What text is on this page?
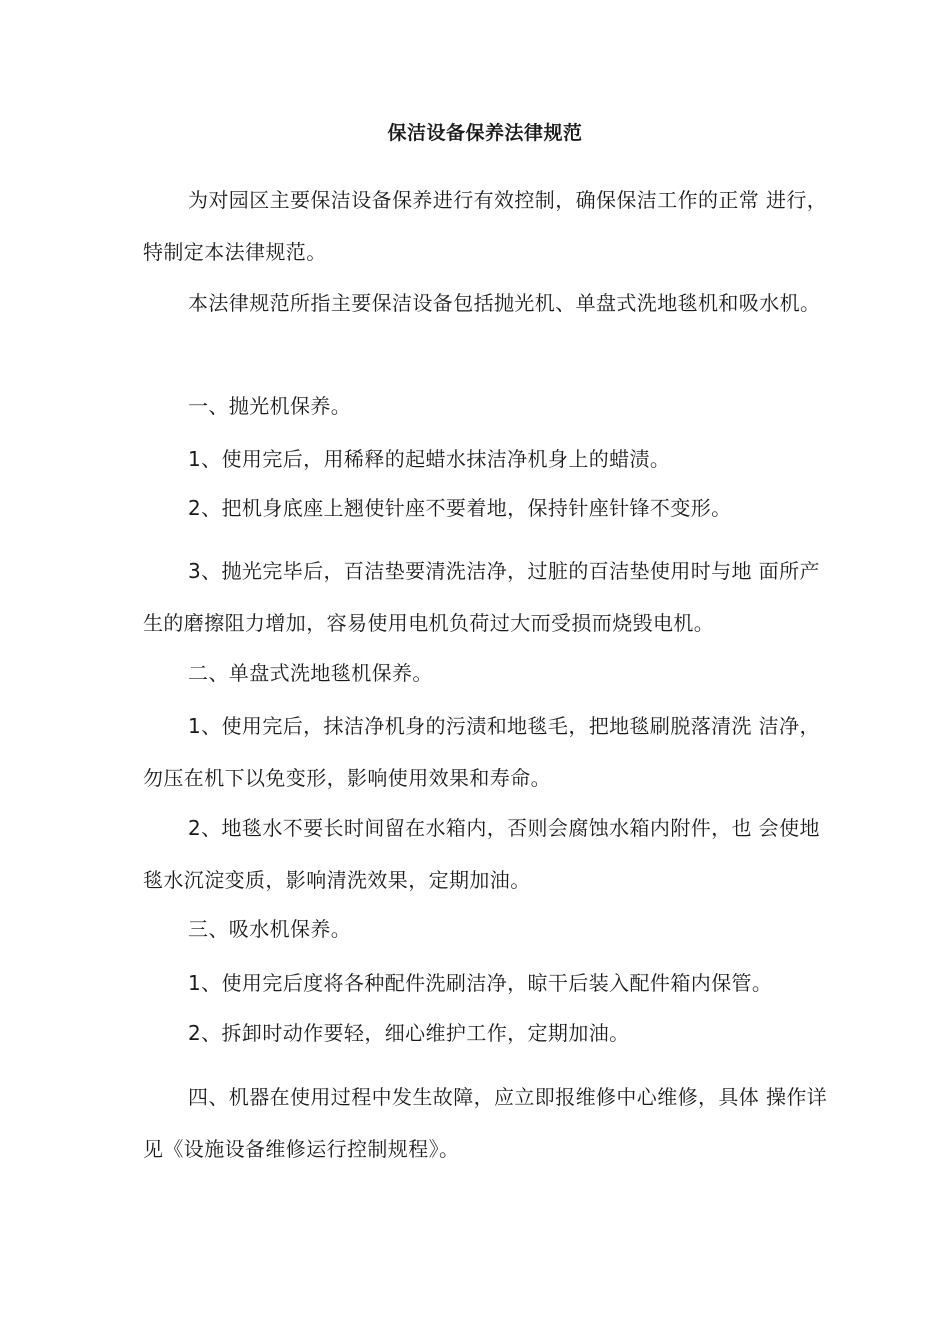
保洁设备保养法律规范

为对园区主要保洁设备保养进行有效控制，确保保洁工作的正常 进行，特制定本法律规范。

本法律规范所指主要保洁设备包括抛光机、单盘式洗地毯机和吸水机。

一、抛光机保养。

1、使用完后，用稀释的起蜡水抹洁净机身上的蜡渍。

2、把机身底座上翘使针座不要着地，保持针座针锋不变形。

3、抛光完毕后，百洁垫要清洗洁净，过脏的百洁垫使用时与地 面所产生的磨擦阻力增加，容易使用电机负荷过大而受损而烧毁电机。

二、单盘式洗地毯机保养。

1、使用完后，抹洁净机身的污渍和地毯毛，把地毯刷脱落清洗 洁净，勿压在机下以免变形，影响使用效果和寿命。

2、地毯水不要长时间留在水箱内，否则会腐蚀水箱内附件，也 会使地毯水沉淀变质，影响清洗效果，定期加油。

三、吸水机保养。

1、使用完后度将各种配件洗刷洁净，晾干后装入配件箱内保管。

2、拆卸时动作要轻，细心维护工作，定期加油。

四、机器在使用过程中发生故障，应立即报维修中心维修，具体 操作详见《设施设备维修运行控制规程》。
